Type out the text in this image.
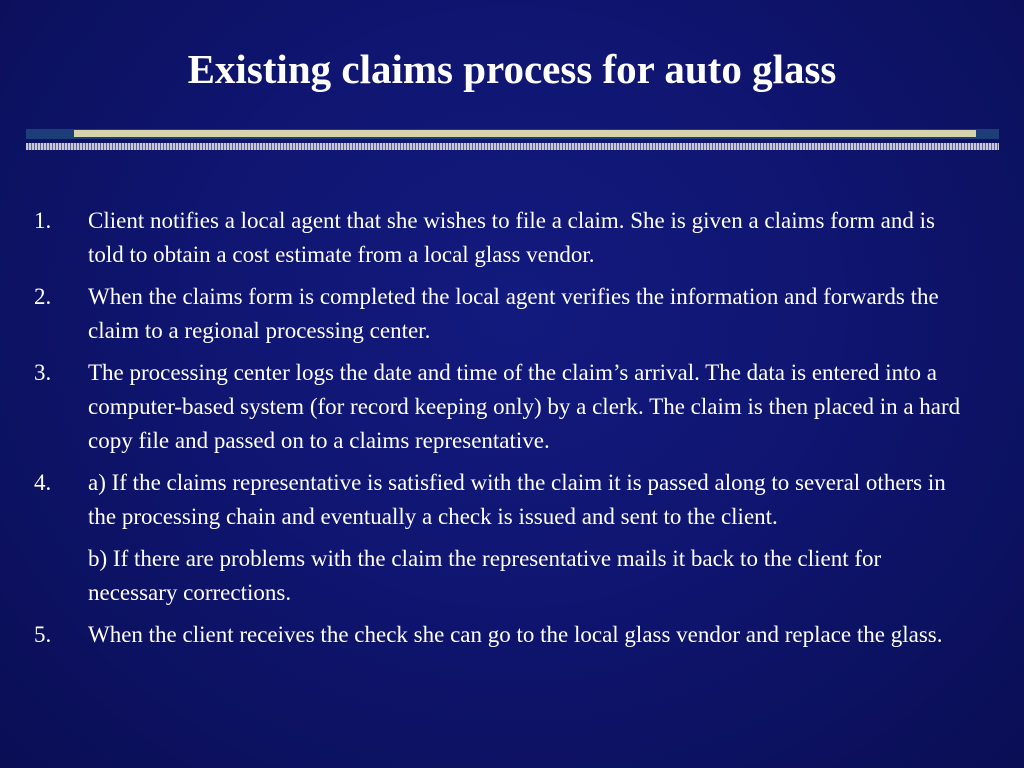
Existing claims process for auto glass
1.	Client notifies a local agent that she wishes to file a claim. She is given a claims form and is told to obtain a cost estimate from a local glass vendor.
2.	When the claims form is completed the local agent verifies the information and forwards the claim to a regional processing center.
3.	The processing center logs the date and time of the claim’s arrival. The data is entered into a computer-based system (for record keeping only) by a clerk. The claim is then placed in a hard copy file and passed on to a claims representative.
4.	a) If the claims representative is satisfied with the claim it is passed along to several others in the processing chain and eventually a check is issued and sent to the client.
b) If there are problems with the claim the representative mails it back to the client for necessary corrections.
5.	When the client receives the check she can go to the local glass vendor and replace the glass.
